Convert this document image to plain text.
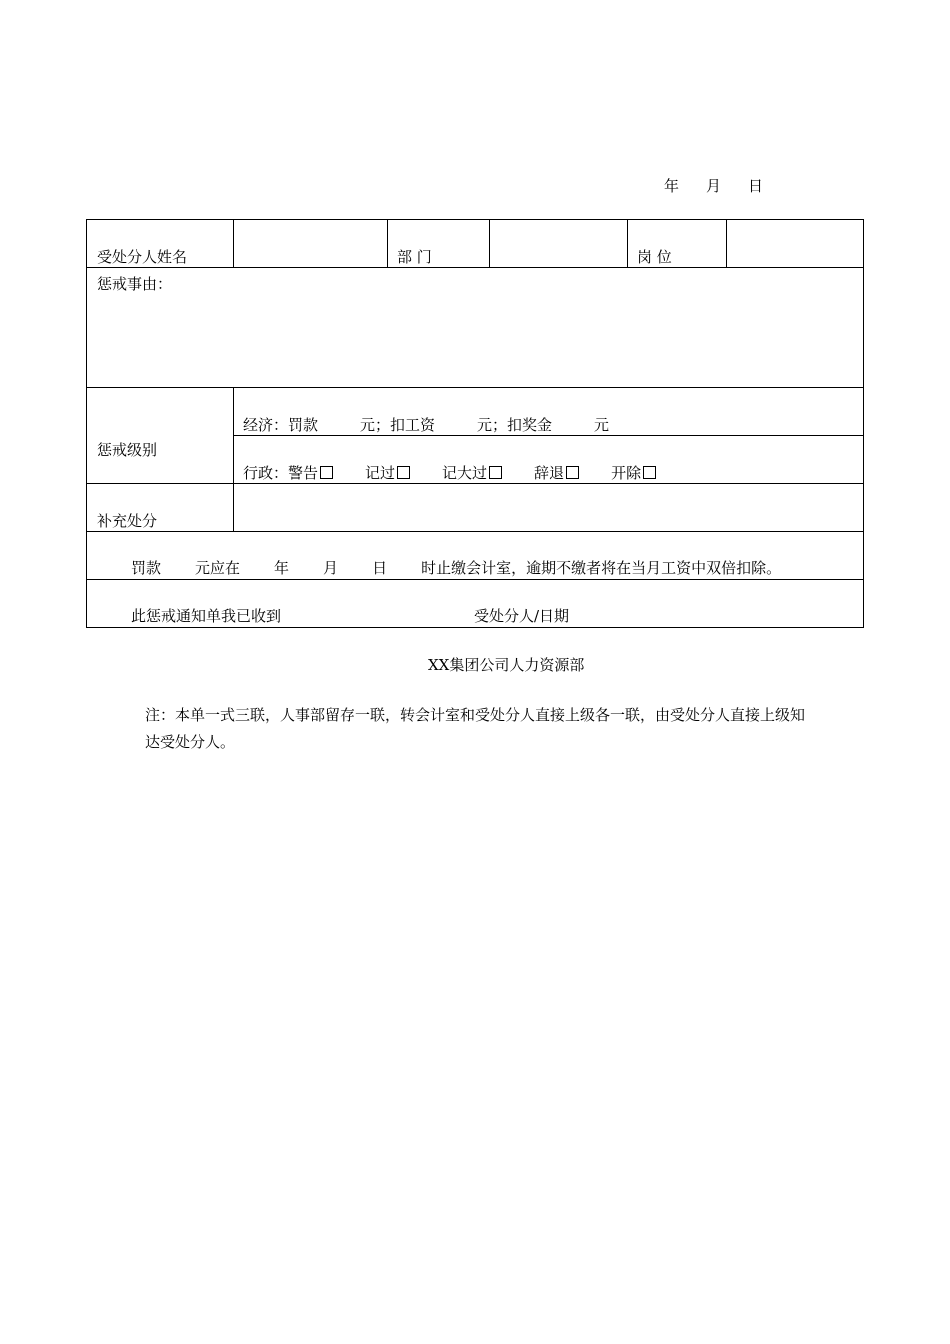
年 月 日
受处分人姓名	部 门	岗 位
惩戒事由：
惩戒级别
经济：罚款	元；扣工资	元；扣奖金	元
行政：警告	记过	记大过	辞退	开除
补充处分
罚款 元应在 年 月 日 时止缴会计室，逾期不缴者将在当月工资中双倍扣除。
此惩戒通知单我已收到	受处分人/日期
XX集团公司人力资源部
注：本单一式三联，人事部留存一联，转会计室和受处分人直接上级各一联，由受处分人直接上级知达受处分人。
